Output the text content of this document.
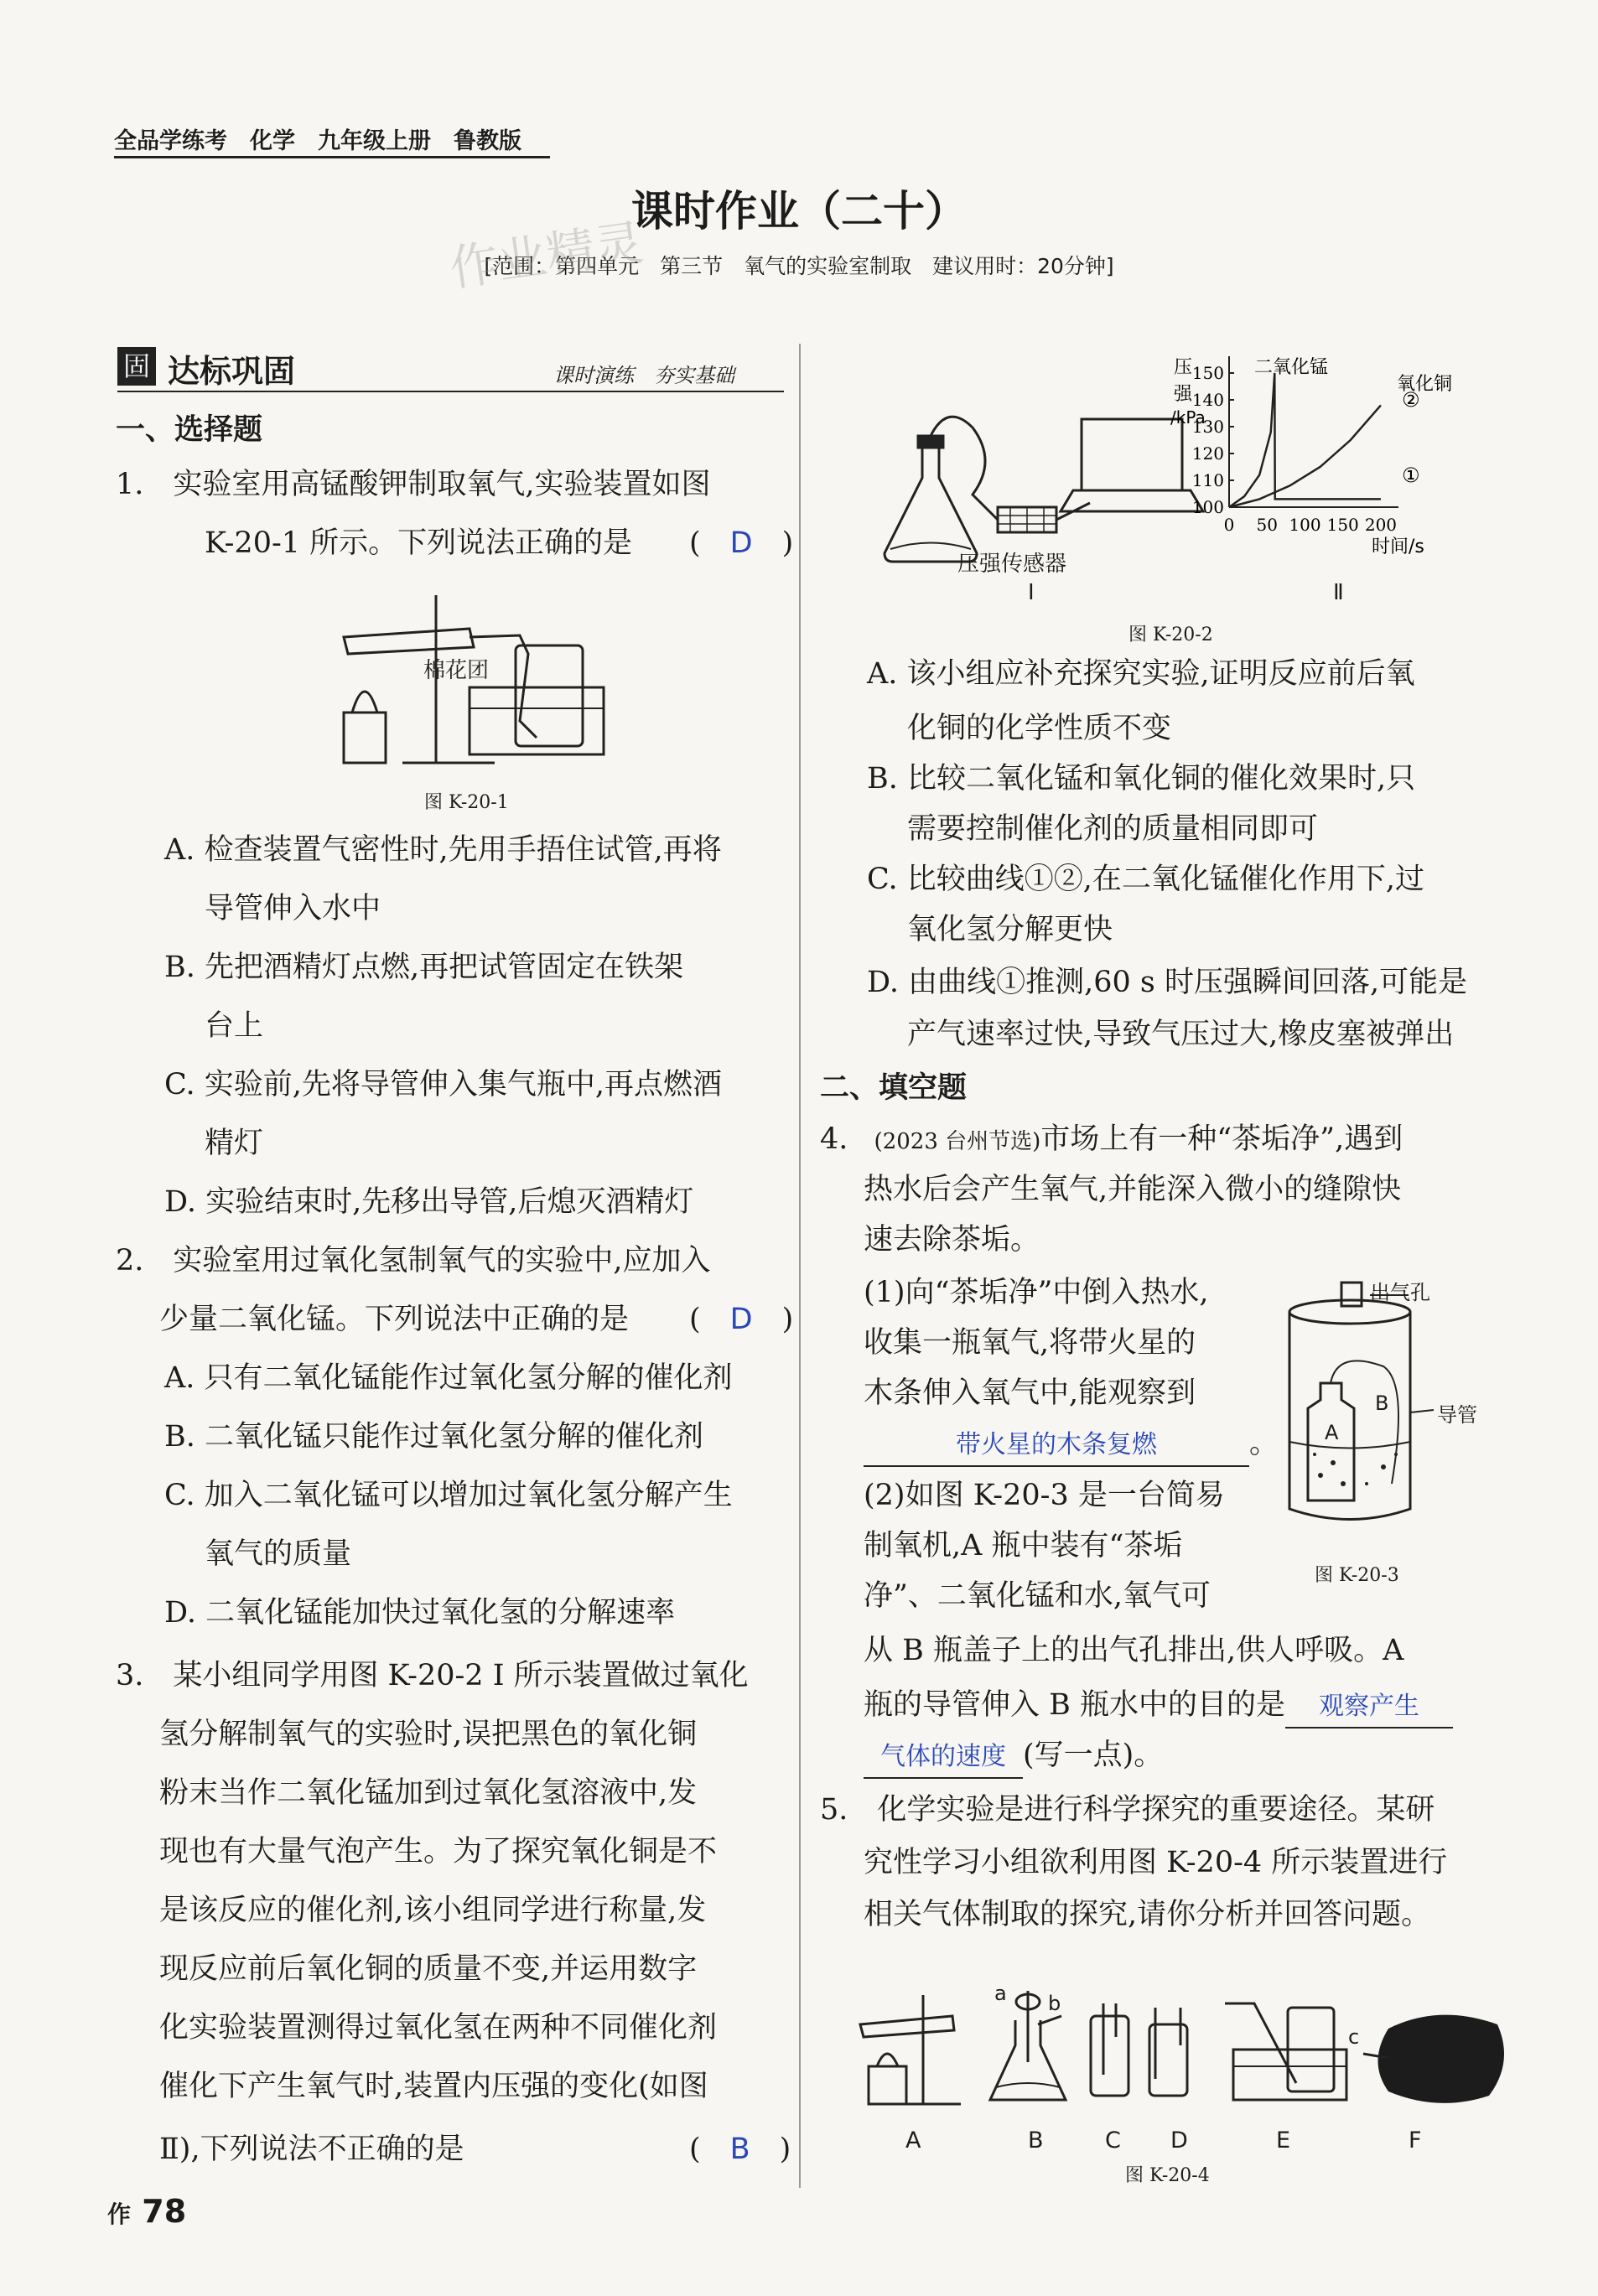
全品学练考　化学　九年级上册　鲁教版
课时作业（二十）
[范围：第四单元　第三节　氧气的实验室制取　建议用时：20分钟]
作业精灵
固 达标巩固	课时演练　夯实基础
一、选择题
1.　实验室用高锰酸钾制取氧气,实验装置如图
K-20-1 所示。下列说法正确的是 (　D　)
棉花团
图 K-20-1
A. 检查装置气密性时,先用手捂住试管,再将
导管伸入水中
B. 先把酒精灯点燃,再把试管固定在铁架
台上
C. 实验前,先将导管伸入集气瓶中,再点燃酒
精灯
D. 实验结束时,先移出导管,后熄灭酒精灯
2.　实验室用过氧化氢制氧气的实验中,应加入
少量二氧化锰。下列说法中正确的是 (　D　)
A. 只有二氧化锰能作过氧化氢分解的催化剂
B. 二氧化锰只能作过氧化氢分解的催化剂
C. 加入二氧化锰可以增加过氧化氢分解产生
氧气的质量
D. 二氧化锰能加快过氧化氢的分解速率
3.　某小组同学用图 K-20-2 Ⅰ 所示装置做过氧化
氢分解制氧气的实验时,误把黑色的氧化铜
粉末当作二氧化锰加到过氧化氢溶液中,发
现也有大量气泡产生。为了探究氧化铜是不
是该反应的催化剂,该小组同学进行称量,发
现反应前后氧化铜的质量不变,并运用数字
化实验装置测得过氧化氢在两种不同催化剂
催化下产生氧气时,装置内压强的变化(如图
Ⅱ),下列说法不正确的是	(　B　)
作 78
压强传感器
Ⅰ
100
110
120
130
140
150
0 50 100 150 200
压
强
/kPa
时间/s
二氧化锰
①
氧化铜
②
Ⅱ
图 K-20-2
A. 该小组应补充探究实验,证明反应前后氧
化铜的化学性质不变
B. 比较二氧化锰和氧化铜的催化效果时,只
需要控制催化剂的质量相同即可
C. 比较曲线①②,在二氧化锰催化作用下,过
氧化氢分解更快
D. 由曲线①推测,60 s 时压强瞬间回落,可能是
产气速率过快,导致气压过大,橡皮塞被弹出
二、填空题
4. (2023 台州节选)市场上有一种“茶垢净”,遇到
热水后会产生氧气,并能深入微小的缝隙快
速去除茶垢。
(1)向“茶垢净”中倒入热水,
收集一瓶氧气,将带火星的
木条伸入氧气中,能观察到
带火星的木条复燃	。
(2)如图 K-20-3 是一台简易
制氧机,A 瓶中装有“茶垢
净”、二氧化锰和水,氧气可
从 B 瓶盖子上的出气孔排出,供人呼吸。A
瓶的导管伸入 B 瓶水中的目的是 观察产生
气体的速度 (写一点)。
出气孔
导管
A
B
图 K-20-3
5.　化学实验是进行科学探究的重要途径。某研
究性学习小组欲利用图 K-20-4 所示装置进行
相关气体制取的探究,请你分析并回答问题。
a b
c
A	B	C D	E	F
图 K-20-4
